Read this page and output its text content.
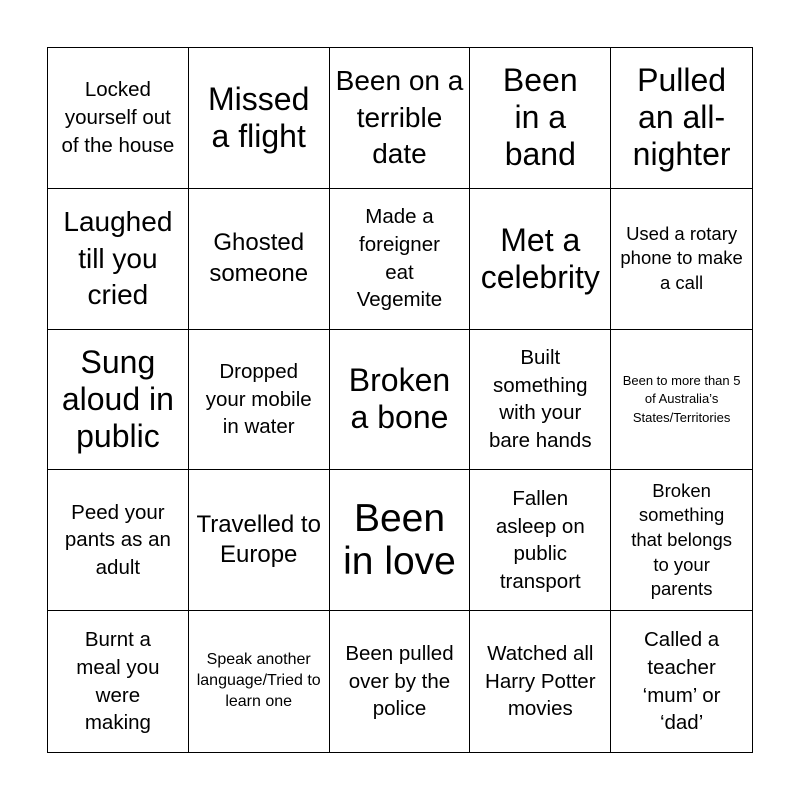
Locked yourself out of the house
Missed a flight
Been on a terrible date
Been in a band
Pulled an all-nighter
Laughed till you cried
Ghosted someone
Made a foreigner eat Vegemite
Met a celebrity
Used a rotary phone to make a call
Sung aloud in public
Dropped your mobile in water
Broken a bone
Built something with your bare hands
Been to more than 5 of Australia’s States/Territories
Peed your pants as an adult
Travelled to Europe
Been in love
Fallen asleep on public transport
Broken something that belongs to your parents
Burnt a meal you were making
Speak another language/Tried to learn one
Been pulled over by the police
Watched all Harry Potter movies
Called a teacher ‘mum’ or ‘dad’
